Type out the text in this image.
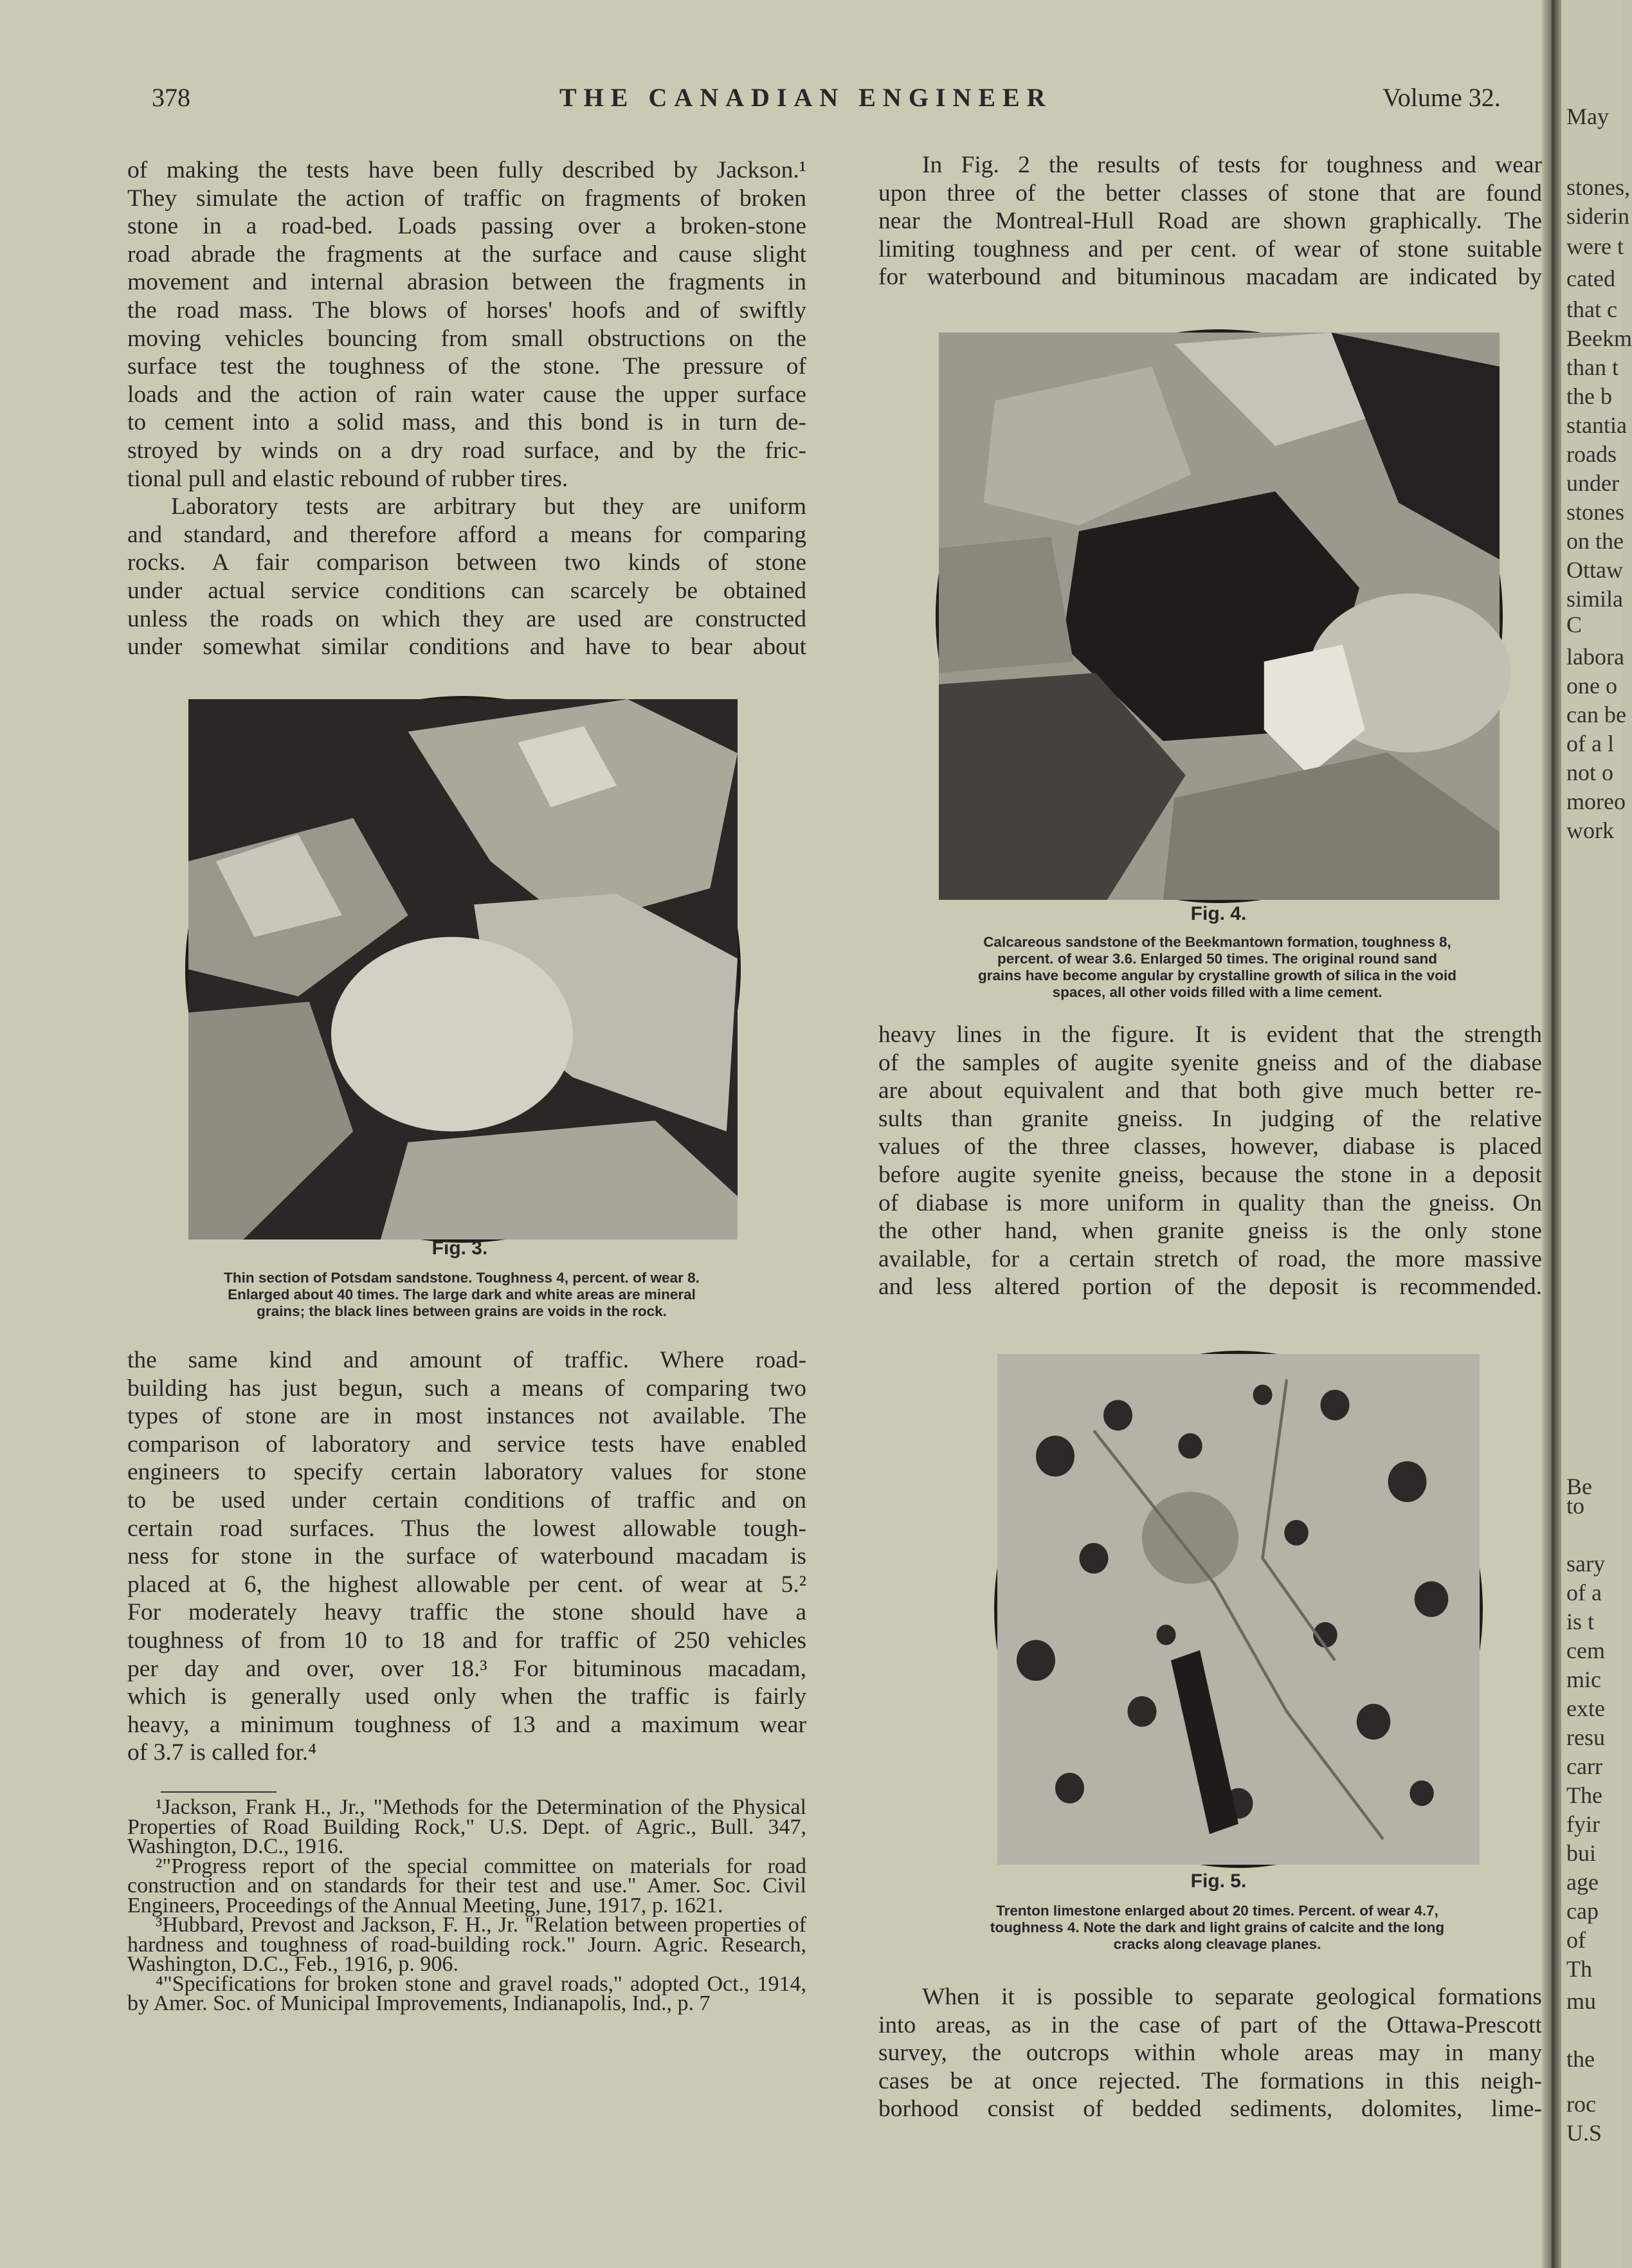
378	THE CANADIAN ENGINEER	Volume 32.
of making the tests have been fully described by Jackson.¹
They simulate the action of traffic on fragments of broken
stone in a road-bed. Loads passing over a broken-stone
road abrade the fragments at the surface and cause slight
movement and internal abrasion between the fragments in
the road mass. The blows of horses' hoofs and of swiftly
moving vehicles bouncing from small obstructions on the
surface test the toughness of the stone. The pressure of
loads and the action of rain water cause the upper surface
to cement into a solid mass, and this bond is in turn de-
stroyed by winds on a dry road surface, and by the fric-
tional pull and elastic rebound of rubber tires.
Laboratory tests are arbitrary but they are uniform
and standard, and therefore afford a means for comparing
rocks. A fair comparison between two kinds of stone
under actual service conditions can scarcely be obtained
unless the roads on which they are used are constructed
under somewhat similar conditions and have to bear about
Fig. 3.
Thin section of Potsdam sandstone. Toughness 4, percent. of wear 8.
Enlarged about 40 times. The large dark and white areas are mineral
grains; the black lines between grains are voids in the rock.
the same kind and amount of traffic. Where road-
building has just begun, such a means of comparing two
types of stone are in most instances not available. The
comparison of laboratory and service tests have enabled
engineers to specify certain laboratory values for stone
to be used under certain conditions of traffic and on
certain road surfaces. Thus the lowest allowable tough-
ness for stone in the surface of waterbound macadam is
placed at 6, the highest allowable per cent. of wear at 5.²
For moderately heavy traffic the stone should have a
toughness of from 10 to 18 and for traffic of 250 vehicles
per day and over, over 18.³ For bituminous macadam,
which is generally used only when the traffic is fairly
heavy, a minimum toughness of 13 and a maximum wear
of 3.7 is called for.⁴

¹Jackson, Frank H., Jr., "Methods for the Determination of the Physical Properties of Road Building Rock," U.S. Dept. of Agric., Bull. 347, Washington, D.C., 1916.

²"Progress report of the special committee on materials for road construction and on standards for their test and use." Amer. Soc. Civil Engineers, Proceedings of the Annual Meeting, June, 1917, p. 1621.

³Hubbard, Prevost and Jackson, F. H., Jr. "Relation between properties of hardness and toughness of road-building rock." Journ. Agric. Research, Washington, D.C., Feb., 1916, p. 906.

⁴"Specifications for broken stone and gravel roads," adopted Oct., 1914, by Amer. Soc. of Municipal Improvements, Indianapolis, Ind., p. 7

In Fig. 2 the results of tests for toughness and wear
upon three of the better classes of stone that are found
near the Montreal-Hull Road are shown graphically. The
limiting toughness and per cent. of wear of stone suitable
for waterbound and bituminous macadam are indicated by
Fig. 4.
Calcareous sandstone of the Beekmantown formation, toughness 8,
percent. of wear 3.6. Enlarged 50 times. The original round sand
grains have become angular by crystalline growth of silica in the void
spaces, all other voids filled with a lime cement.
heavy lines in the figure. It is evident that the strength
of the samples of augite syenite gneiss and of the diabase
are about equivalent and that both give much better re-
sults than granite gneiss. In judging of the relative
values of the three classes, however, diabase is placed
before augite syenite gneiss, because the stone in a deposit
of diabase is more uniform in quality than the gneiss. On
the other hand, when granite gneiss is the only stone
available, for a certain stretch of road, the more massive
and less altered portion of the deposit is recommended.
Fig. 5.
Trenton limestone enlarged about 20 times. Percent. of wear 4.7,
toughness 4. Note the dark and light grains of calcite and the long
cracks along cleavage planes.
When it is possible to separate geological formations
into areas, as in the case of part of the Ottawa-Prescott
survey, the outcrops within whole areas may in many
cases be at once rejected. The formations in this neigh-
borhood consist of bedded sediments, dolomites, lime-
May
stones,
siderin
were t
cated
that c
Beekm
than t
the b
stantia
roads
under
stones
on the
Ottaw
simila
C
labora
one o
can be
of a l
not o
moreo
work
Be
to
sary
of a
is t
cem
mic
exte
resu
carr
The
fyir
bui
age
cap
of
Th
mu
the
roc
U.S
